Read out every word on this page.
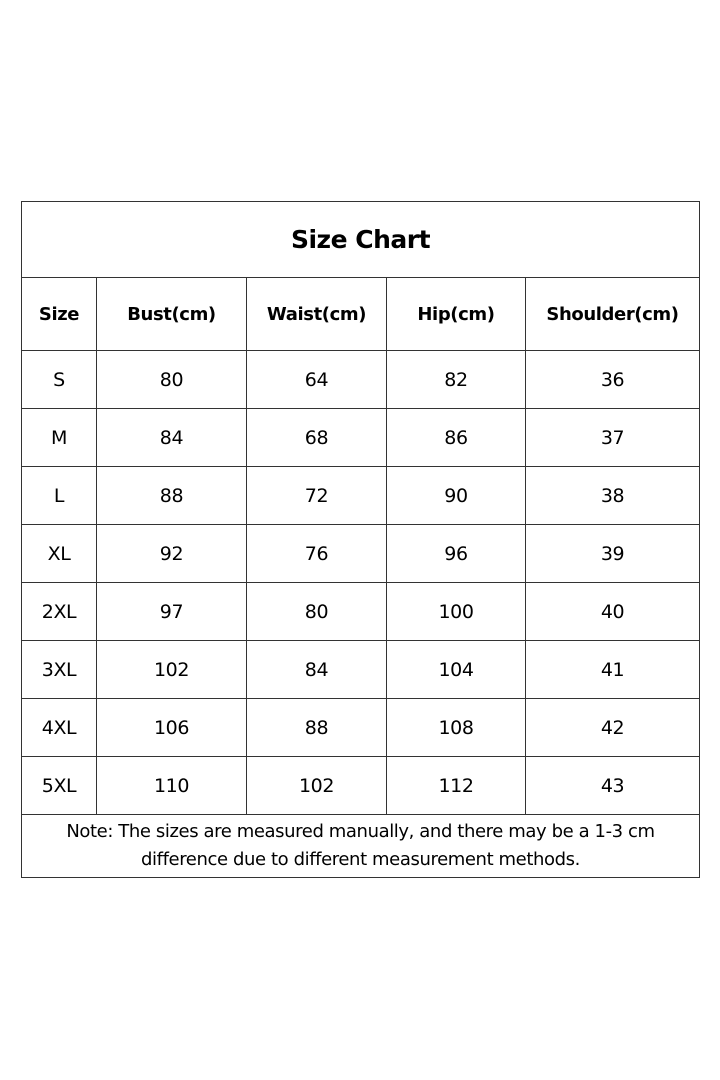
Size Chart				
Size	Bust(cm)	Waist(cm)	Hip(cm)	Shoulder(cm)
S	80	64	82	36
M	84	68	86	37
L	88	72	90	38
XL	92	76	96	39
2XL	97	80	100	40
3XL	102	84	104	41
4XL	106	88	108	42
5XL	110	102	112	43
Note: The sizes are measured manually, and there may be a 1-3 cm difference due to different measurement methods.				
